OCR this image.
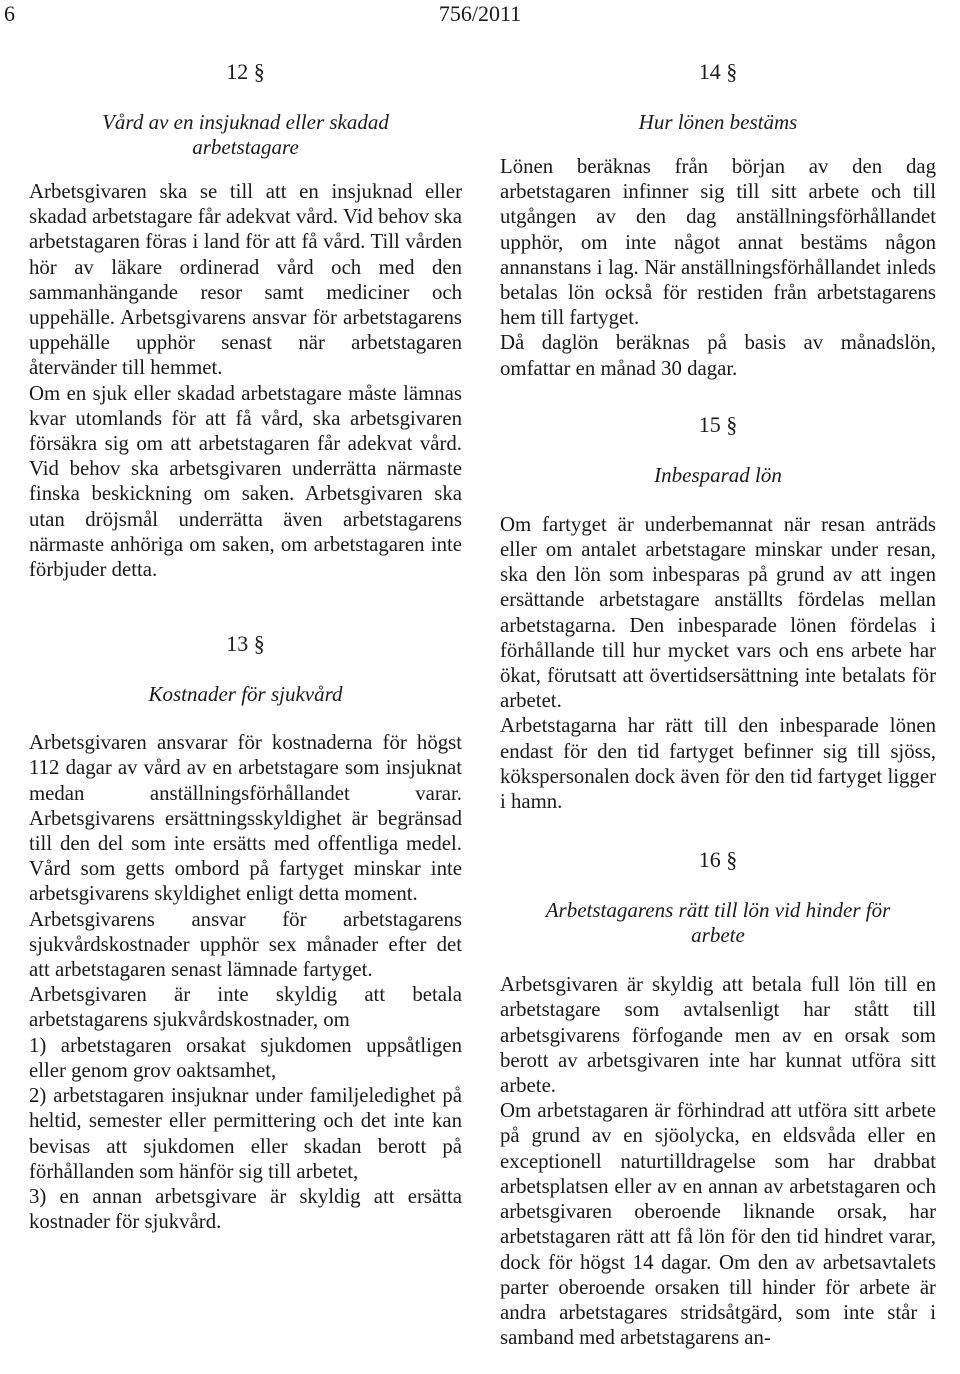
6	756/2011
12 §
Vård av en insjuknad eller skadad arbetstagare

Arbetsgivaren ska se till att en insjuknad eller skadad arbetstagare får adekvat vård. Vid behov ska arbetstagaren föras i land för att få vård. Till vården hör av läkare ordinerad vård och med den sammanhängande resor samt mediciner och uppehälle. Arbetsgivarens ansvar för arbetstagarens uppehälle upphör senast när arbetstagaren återvänder till hemmet.

Om en sjuk eller skadad arbetstagare måste lämnas kvar utomlands för att få vård, ska arbetsgivaren försäkra sig om att arbetstagaren får adekvat vård. Vid behov ska arbetsgivaren underrätta närmaste finska beskickning om saken. Arbetsgivaren ska utan dröjsmål underrätta även arbetstagarens närmaste anhöriga om saken, om arbetstagaren inte förbjuder detta.

13 §
Kostnader för sjukvård

Arbetsgivaren ansvarar för kostnaderna för högst 112 dagar av vård av en arbetstagare som insjuknat medan anställningsförhållandet varar. Arbetsgivarens ersättningsskyldighet är begränsad till den del som inte ersätts med offentliga medel. Vård som getts ombord på fartyget minskar inte arbetsgivarens skyldighet enligt detta moment.

Arbetsgivarens ansvar för arbetstagarens sjukvårdskostnader upphör sex månader efter det att arbetstagaren senast lämnade fartyget.

Arbetsgivaren är inte skyldig att betala arbetstagarens sjukvårdskostnader, om

1) arbetstagaren orsakat sjukdomen uppsåtligen eller genom grov oaktsamhet,

2) arbetstagaren insjuknar under familjeledighet på heltid, semester eller permittering och det inte kan bevisas att sjukdomen eller skadan berott på förhållanden som hänför sig till arbetet,

3) en annan arbetsgivare är skyldig att ersätta kostnader för sjukvård.

14 §
Hur lönen bestäms

Lönen beräknas från början av den dag arbetstagaren infinner sig till sitt arbete och till utgången av den dag anställningsförhållandet upphör, om inte något annat bestäms någon annanstans i lag. När anställningsförhållandet inleds betalas lön också för restiden från arbetstagarens hem till fartyget.

Då daglön beräknas på basis av månadslön, omfattar en månad 30 dagar.

15 §
Inbesparad lön

Om fartyget är underbemannat när resan anträds eller om antalet arbetstagare minskar under resan, ska den lön som inbesparas på grund av att ingen ersättande arbetstagare anställts fördelas mellan arbetstagarna. Den inbesparade lönen fördelas i förhållande till hur mycket vars och ens arbete har ökat, förutsatt att övertidsersättning inte betalats för arbetet.

Arbetstagarna har rätt till den inbesparade lönen endast för den tid fartyget befinner sig till sjöss, kökspersonalen dock även för den tid fartyget ligger i hamn.

16 §
Arbetstagarens rätt till lön vid hinder för arbete

Arbetsgivaren är skyldig att betala full lön till en arbetstagare som avtalsenligt har stått till arbetsgivarens förfogande men av en orsak som berott av arbetsgivaren inte har kunnat utföra sitt arbete.

Om arbetstagaren är förhindrad att utföra sitt arbete på grund av en sjöolycka, en eldsvåda eller en exceptionell naturtilldragelse som har drabbat arbetsplatsen eller av en annan av arbetstagaren och arbetsgivaren oberoende liknande orsak, har arbetstagaren rätt att få lön för den tid hindret varar, dock för högst 14 dagar. Om den av arbetsavtalets parter oberoende orsaken till hinder för arbete är andra arbetstagares stridsåtgärd, som inte står i samband med arbetstagarens an-
